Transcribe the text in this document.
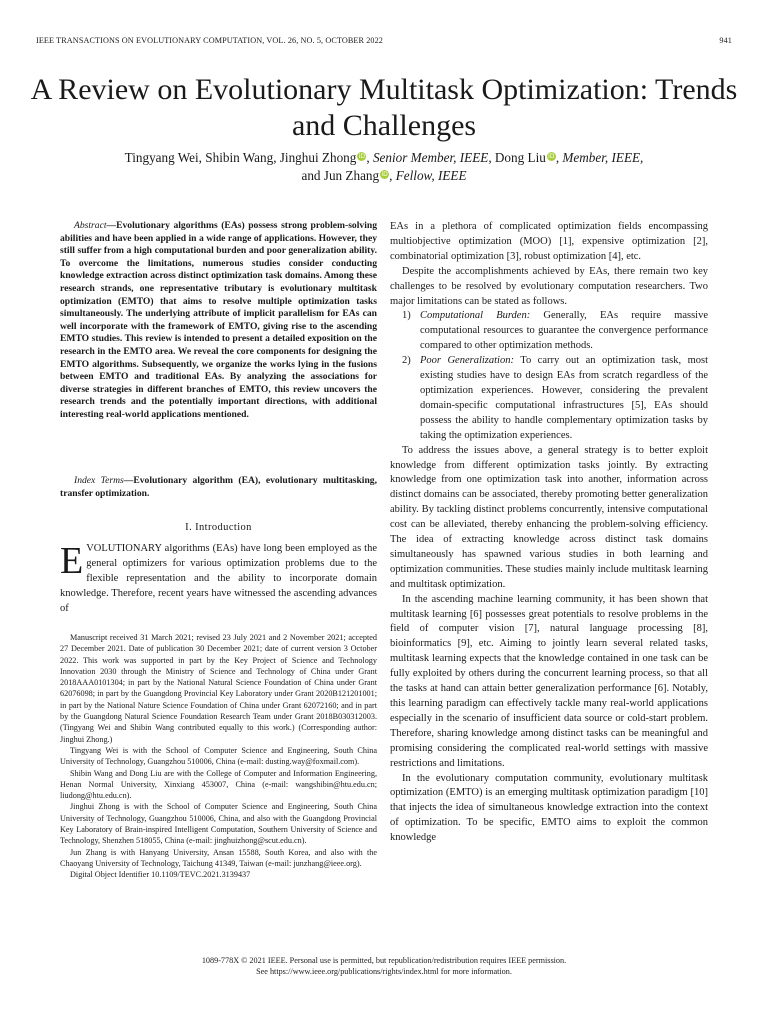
IEEE TRANSACTIONS ON EVOLUTIONARY COMPUTATION, VOL. 26, NO. 5, OCTOBER 2022	941
A Review on Evolutionary Multitask Optimization: Trends and Challenges
Tingyang Wei, Shibin Wang, Jinghui Zhong iD, Senior Member, IEEE, Dong Liu iD, Member, IEEE,
and Jun Zhang iD, Fellow, IEEE
Abstract—Evolutionary algorithms (EAs) possess strong problem-solving abilities and have been applied in a wide range of applications. However, they still suffer from a high computational burden and poor generalization ability. To overcome the limitations, numerous studies consider conducting knowledge extraction across distinct optimization task domains. Among these research strands, one representative tributary is evolutionary multitask optimization (EMTO) that aims to resolve multiple optimization tasks simultaneously. The underlying attribute of implicit parallelism for EAs can well incorporate with the framework of EMTO, giving rise to the ascending EMTO studies. This review is intended to present a detailed exposition on the research in the EMTO area. We reveal the core components for designing the EMTO algorithms. Subsequently, we organize the works lying in the fusions between EMTO and traditional EAs. By analyzing the associations for diverse strategies in different branches of EMTO, this review uncovers the research trends and the potentially important directions, with additional interesting real-world applications mentioned.
Index Terms—Evolutionary algorithm (EA), evolutionary multitasking, transfer optimization.
I. Introduction
EVOLUTIONARY algorithms (EAs) have long been employed as the general optimizers for various optimization problems due to the flexible representation and the ability to incorporate domain knowledge. Therefore, recent years have witnessed the ascending advances of

Manuscript received 31 March 2021; revised 23 July 2021 and 2 November 2021; accepted 27 December 2021. Date of publication 30 December 2021; date of current version 3 October 2022. This work was supported in part by the Key Project of Science and Technology Innovation 2030 through the Ministry of Science and Technology of China under Grant 2018AAA0101304; in part by the National Natural Science Foundation of China under Grant 62076098; in part by the Guangdong Provincial Key Laboratory under Grant 2020B121201001; in part by the National Nature Science Foundation of China under Grant 62072160; and in part by the Guangdong Natural Science Foundation Research Team under Grant 2018B030312003. (Tingyang Wei and Shibin Wang contributed equally to this work.) (Corresponding author: Jinghui Zhong.)

Tingyang Wei is with the School of Computer Science and Engineering, South China University of Technology, Guangzhou 510006, China (e-mail: dusting.way@foxmail.com).

Shibin Wang and Dong Liu are with the College of Computer and Information Engineering, Henan Normal University, Xinxiang 453007, China (e-mail: wangshibin@htu.edu.cn; liudong@htu.edu.cn).

Jinghui Zhong is with the School of Computer Science and Engineering, South China University of Technology, Guangzhou 510006, China, and also with the Guangdong Provincial Key Laboratory of Brain-inspired Intelligent Computation, Southern University of Science and Technology, Shenzhen 518055, China (e-mail: jinghuizhong@scut.edu.cn).

Jun Zhang is with Hanyang University, Ansan 15588, South Korea, and also with the Chaoyang University of Technology, Taichung 41349, Taiwan (e-mail: junzhang@ieee.org).

Digital Object Identifier 10.1109/TEVC.2021.3139437

EAs in a plethora of complicated optimization fields encompassing multiobjective optimization (MOO) [1], expensive optimization [2], combinatorial optimization [3], robust optimization [4], etc.

Despite the accomplishments achieved by EAs, there remain two key challenges to be resolved by evolutionary computation researchers. Two major limitations can be stated as follows.

1) Computational Burden: Generally, EAs require massive computational resources to guarantee the convergence performance compared to other optimization methods.
2) Poor Generalization: To carry out an optimization task, most existing studies have to design EAs from scratch regardless of the optimization experiences. However, considering the prevalent domain-specific computational infrastructures [5], EAs should possess the ability to handle complementary optimization tasks by taking the optimization experiences.

To address the issues above, a general strategy is to better exploit knowledge from different optimization tasks jointly. By extracting knowledge from one optimization task into another, information across distinct domains can be associated, thereby promoting better generalization ability. By tackling distinct problems concurrently, intensive computational cost can be alleviated, thereby enhancing the problem-solving efficiency. The idea of extracting knowledge across distinct task domains simultaneously has spawned various studies in both learning and optimization communities. These studies mainly include multitask learning and multitask optimization.

In the ascending machine learning community, it has been shown that multitask learning [6] possesses great potentials to resolve problems in the field of computer vision [7], natural language processing [8], bioinformatics [9], etc. Aiming to jointly learn several related tasks, multitask learning expects that the knowledge contained in one task can be fully exploited by others during the concurrent learning process, so that all the tasks at hand can attain better generalization performance [6]. Notably, this learning paradigm can effectively tackle many real-world applications especially in the scenario of insufficient data source or cold-start problem. Therefore, sharing knowledge among distinct tasks can be meaningful and promising considering the complicated real-world settings with massive restrictions and limitations.

In the evolutionary computation community, evolutionary multitask optimization (EMTO) is an emerging multitask optimization paradigm [10] that injects the idea of simultaneous knowledge extraction into the context of optimization. To be specific, EMTO aims to exploit the common knowledge

1089-778X © 2021 IEEE. Personal use is permitted, but republication/redistribution requires IEEE permission.
See https://www.ieee.org/publications/rights/index.html for more information.
